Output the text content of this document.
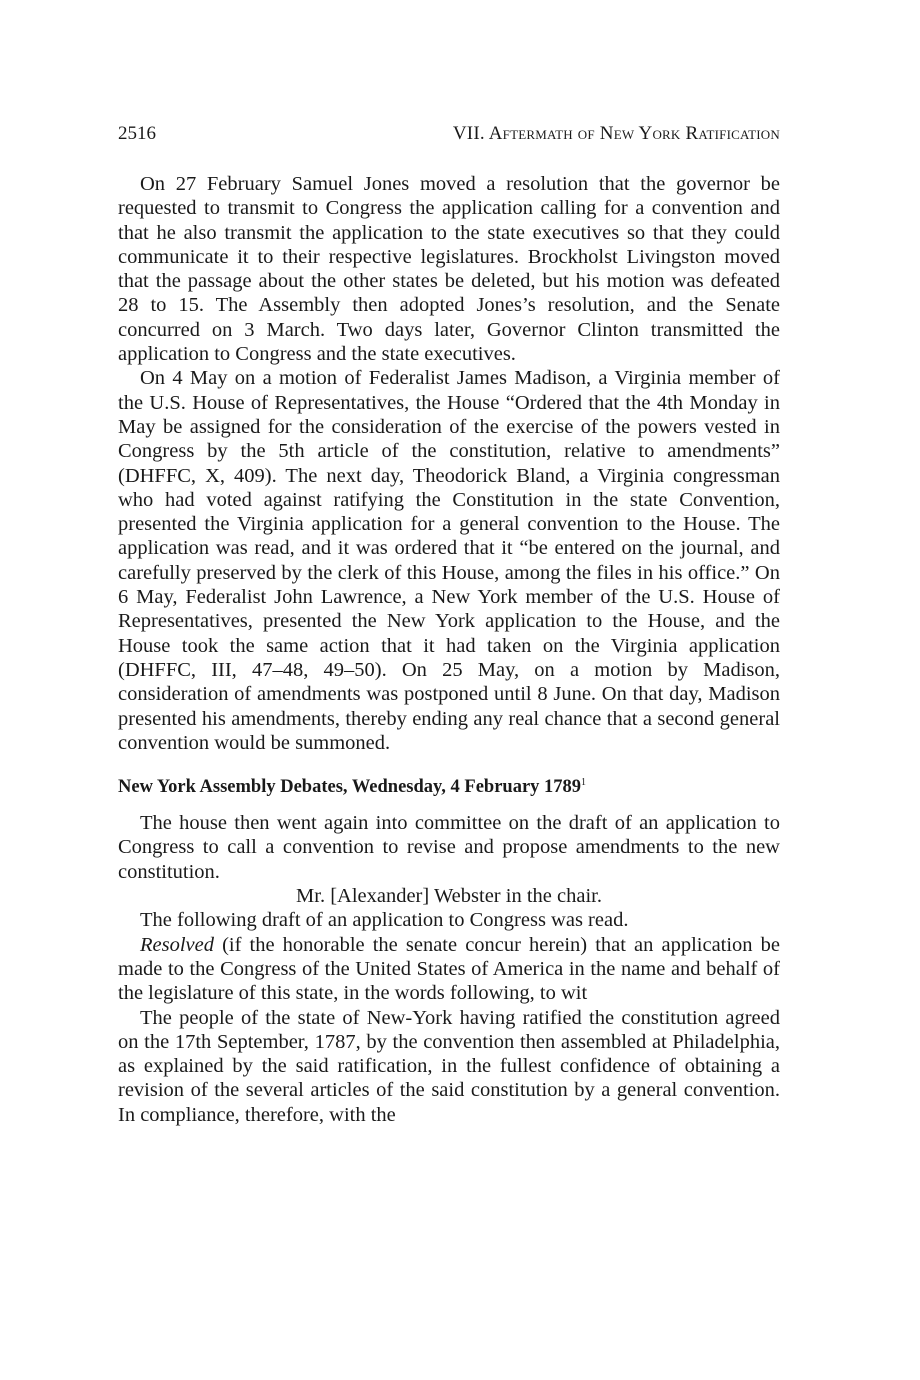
2516	VII. Aftermath of New York Ratification

On 27 February Samuel Jones moved a resolution that the governor be requested to transmit to Congress the application calling for a convention and that he also transmit the application to the state executives so that they could communicate it to their respective legislatures. Brockholst Livingston moved that the passage about the other states be deleted, but his motion was defeated 28 to 15. The Assembly then adopted Jones’s resolution, and the Senate concurred on 3 March. Two days later, Governor Clinton transmitted the application to Congress and the state executives.

On 4 May on a motion of Federalist James Madison, a Virginia member of the U.S. House of Representatives, the House “Ordered that the 4th Monday in May be assigned for the consideration of the exercise of the powers vested in Congress by the 5th article of the constitution, relative to amendments” (DHFFC, X, 409). The next day, Theodorick Bland, a Virginia congressman who had voted against ratifying the Constitution in the state Convention, presented the Virginia application for a general convention to the House. The application was read, and it was ordered that it “be entered on the journal, and carefully preserved by the clerk of this House, among the files in his office.” On 6 May, Federalist John Lawrence, a New York member of the U.S. House of Representatives, presented the New York application to the House, and the House took the same action that it had taken on the Virginia application (DHFFC, III, 47–48, 49–50). On 25 May, on a motion by Madison, consideration of amendments was postponed until 8 June. On that day, Madison presented his amendments, thereby ending any real chance that a second general convention would be summoned.

New York Assembly Debates, Wednesday, 4 February 1789$^1$

The house then went again into committee on the draft of an application to Congress to call a convention to revise and propose amendments to the new constitution.

Mr. [Alexander] Webster in the chair.

The following draft of an application to Congress was read.

Resolved (if the honorable the senate concur herein) that an application be made to the Congress of the United States of America in the name and behalf of the legislature of this state, in the words following, to wit

The people of the state of New-York having ratified the constitution agreed on the 17th September, 1787, by the convention then assembled at Philadelphia, as explained by the said ratification, in the fullest confidence of obtaining a revision of the several articles of the said constitution by a general convention. In compliance, therefore, with the
